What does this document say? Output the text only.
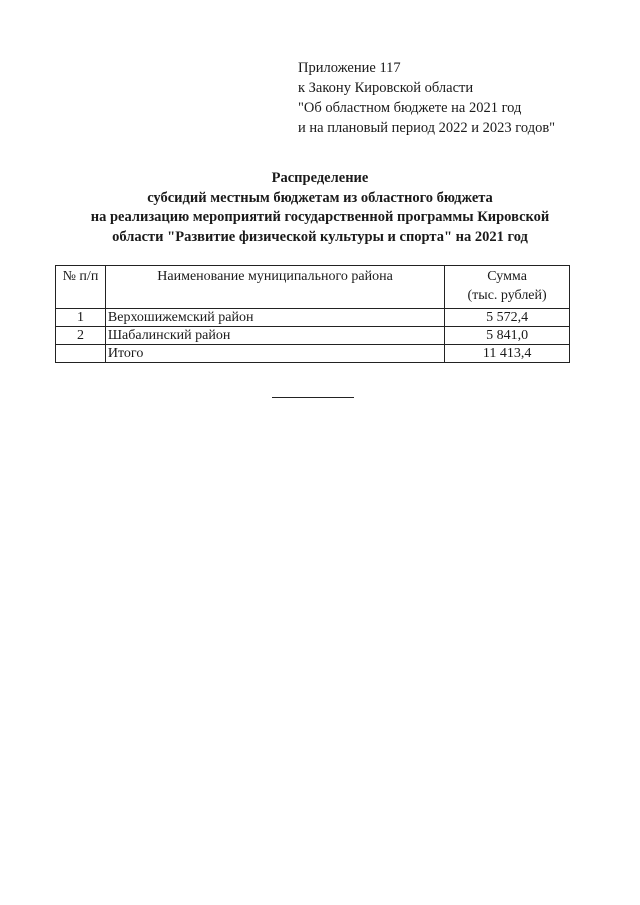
Приложение 117
к Закону Кировской области
"Об областном бюджете на 2021 год
и на плановый период 2022 и 2023 годов"
Распределение
субсидий местным бюджетам из областного бюджета
на реализацию мероприятий государственной программы Кировской
области "Развитие физической культуры и спорта" на 2021 год
№ п/п	Наименование муниципального района	Сумма
(тыс. рублей)

1	Верхошижемский район	5 572,4
2	Шабалинский район	5 841,0
	Итого	11 413,4
